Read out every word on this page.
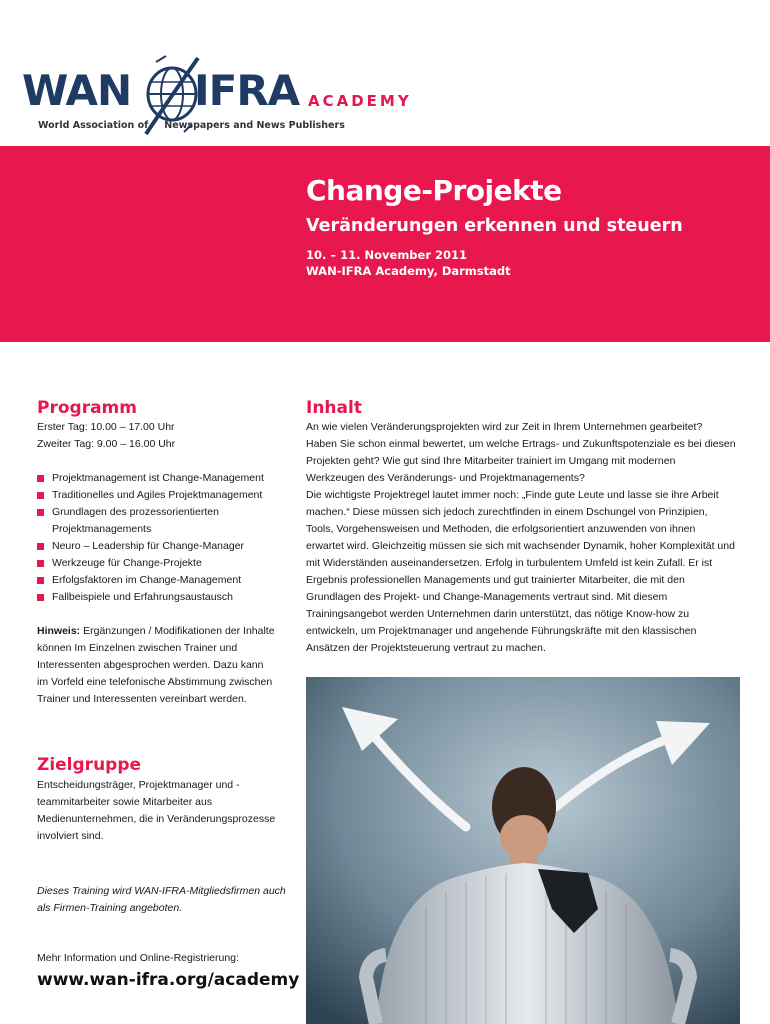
WAN IFRA ACADEMY
World Association of Newspapers and News Publishers
Change-Projekte
Veränderungen erkennen und steuern
10. – 11. November 2011
WAN-IFRA Academy, Darmstadt
Programm
Erster Tag: 10.00 – 17.00 Uhr
Zweiter Tag: 9.00 – 16.00 Uhr
Projektmanagement ist Change-Management
Traditionelles und Agiles Projektmanagement
Grundlagen des prozessorientierten Projektmanagements
Neuro – Leadership für Change-Manager
Werkzeuge für Change-Projekte
Erfolgsfaktoren im Change-Management
Fallbeispiele und Erfahrungsaustausch
Hinweis: Ergänzungen / Modifikationen der Inhalte können Im Einzelnen zwischen Trainer und Interessenten abgesprochen werden. Dazu kann im Vorfeld eine telefonische Abstimmung zwischen Trainer und Interessenten vereinbart werden.
Zielgruppe
Entscheidungsträger, Projektmanager und -teammitarbeiter sowie Mitarbeiter aus Medienunternehmen, die in Veränderungsprozesse involviert sind.
Dieses Training wird WAN-IFRA-Mitgliedsfirmen auch als Firmen-Training angeboten.
Mehr Information und Online-Registrierung:
www.wan-ifra.org/academy
Inhalt

An wie vielen Veränderungsprojekten wird zur Zeit in Ihrem Unternehmen gearbeitet? Haben Sie schon einmal bewertet, um welche Ertrags- und Zukunftspotenziale es bei diesen Projekten geht? Wie gut sind Ihre Mitarbeiter trainiert im Umgang mit modernen Werkzeugen des Veränderungs- und Projektmanagements?

Die wichtigste Projektregel lautet immer noch: „Finde gute Leute und lasse sie ihre Arbeit machen.“ Diese müssen sich jedoch zurechtfinden in einem Dschungel von Prinzipien, Tools, Vorgehensweisen und Methoden, die erfolgsorientiert anzuwenden von ihnen erwartet wird. Gleichzeitig müssen sie sich mit wachsender Dynamik, hoher Komplexität und mit Widerständen auseinandersetzen. Erfolg in turbulentem Umfeld ist kein Zufall. Er ist Ergebnis professionellen Managements und gut trainierter Mitarbeiter, die mit den Grundlagen des Projekt- und Change-Managements vertraut sind. Mit diesem Trainingsangebot werden Unternehmen darin unterstützt, das nötige Know-how zu entwickeln, um Projektmanager und angehende Führungskräfte mit den klassischen Ansätzen der Projektsteuerung vertraut zu machen.
